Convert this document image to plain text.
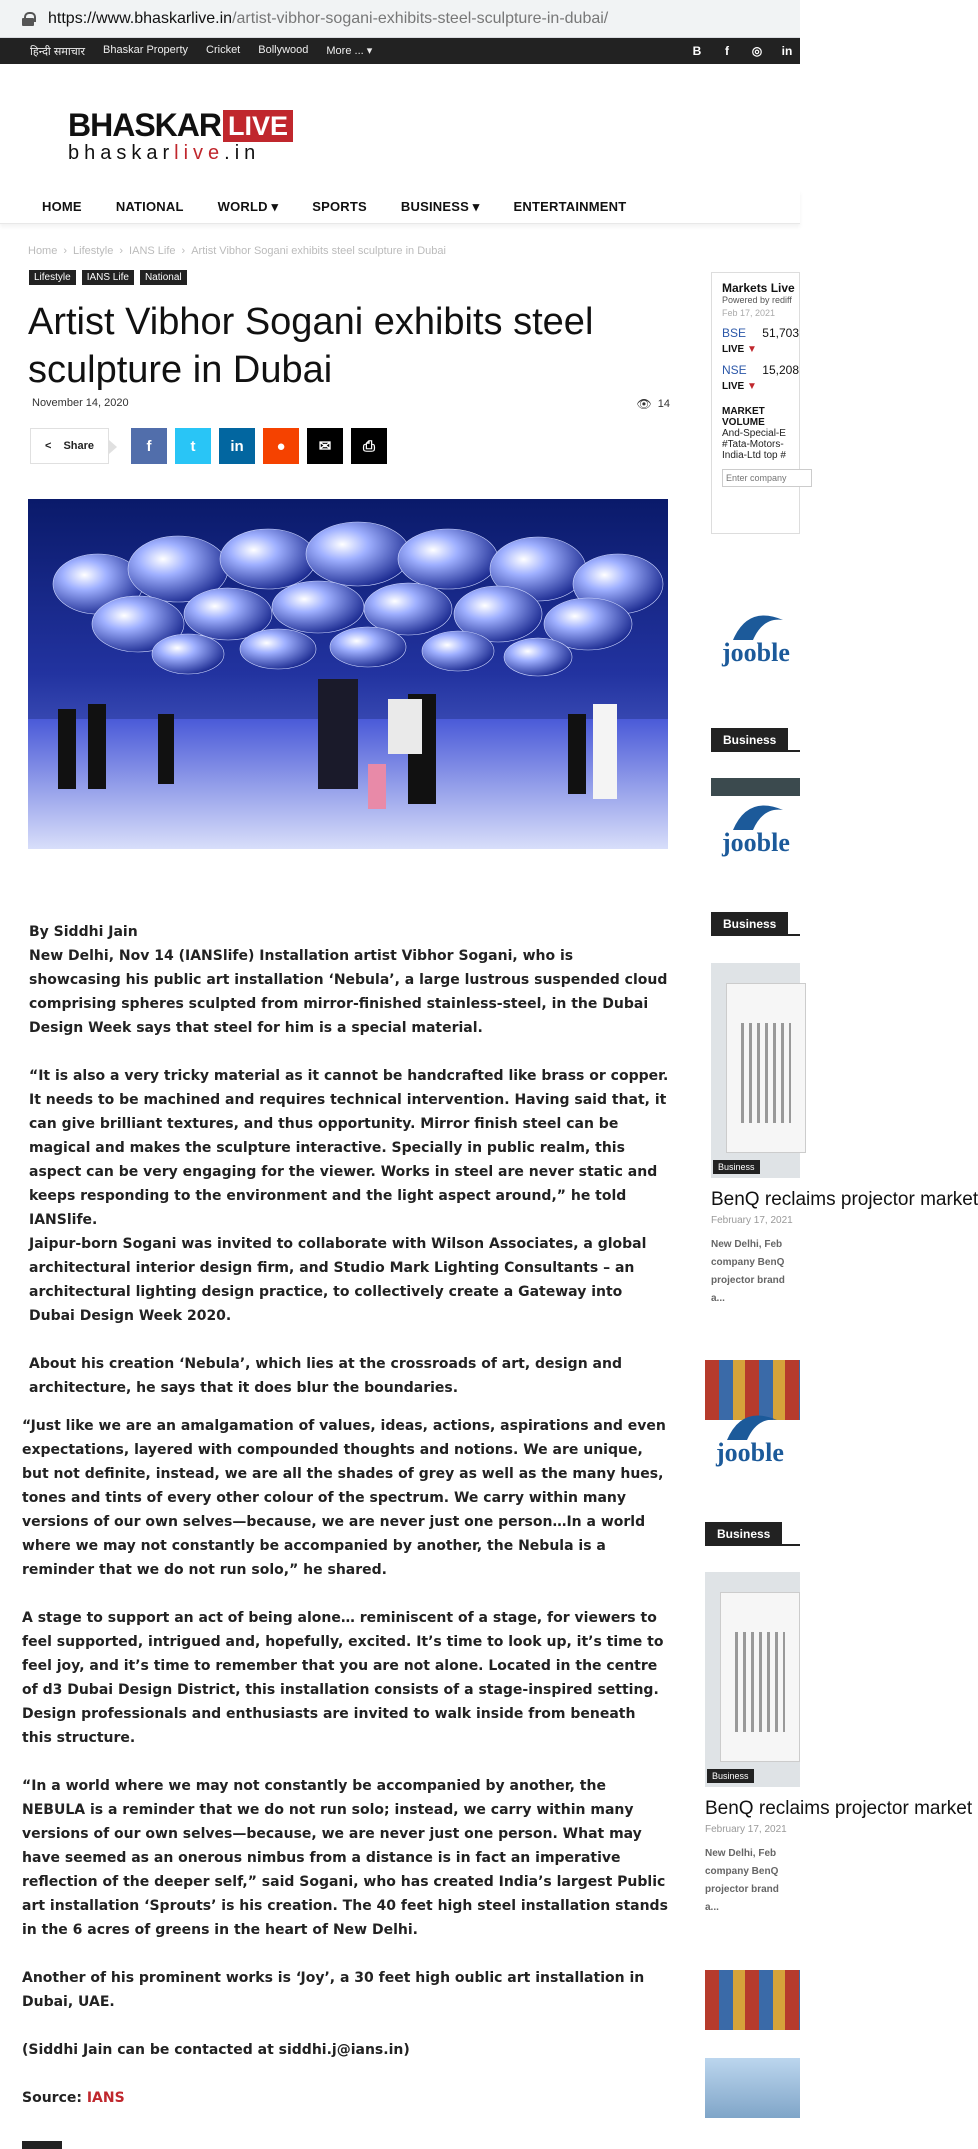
https://www.bhaskarlive.in/artist-vibhor-sogani-exhibits-steel-sculpture-in-dubai/
हिन्दी समाचार Bhaskar Property Cricket Bollywood More ... ▾	B	f	◎ in
BHASKAR LIVE
bhaskarlive.in
HOME	NATIONAL	WORLD ▾	SPORTS	BUSINESS ▾	ENTERTAINMENT
Home › Lifestyle › IANS Life › Artist Vibhor Sogani exhibits steel sculpture in Dubai
Lifestyle	IANS Life	National
Artist Vibhor Sogani exhibits steel sculpture in Dubai
November 14, 2020	👁 14
< Share	f	t	in	●	✉	⎙
By Siddhi Jain
New Delhi, Nov 14 (IANSlife) Installation artist Vibhor Sogani, who is showcasing his public art installation ‘Nebula’, a large lustrous suspended cloud comprising spheres sculpted from mirror-finished stainless-steel, in the Dubai Design Week says that steel for him is a special material.
“It is also a very tricky material as it cannot be handcrafted like brass or copper. It needs to be machined and requires technical intervention. Having said that, it can give brilliant textures, and thus opportunity. Mirror finish steel can be magical and makes the sculpture interactive. Specially in public realm, this aspect can be very engaging for the viewer. Works in steel are never static and keeps responding to the environment and the light aspect around,” he told IANSlife.
Jaipur-born Sogani was invited to collaborate with Wilson Associates, a global architectural interior design firm, and Studio Mark Lighting Consultants – an architectural lighting design practice, to collectively create a Gateway into Dubai Design Week 2020.
About his creation ‘Nebula’, which lies at the crossroads of art, design and architecture, he says that it does blur the boundaries.
“Just like we are an amalgamation of values, ideas, actions, aspirations and even expectations, layered with compounded thoughts and notions. We are unique, but not definite, instead, we are all the shades of grey as well as the many hues, tones and tints of every other colour of the spectrum. We carry within many versions of our own selves—because, we are never just one person…In a world where we may not constantly be accompanied by another, the Nebula is a reminder that we do not run solo,” he shared.
A stage to support an act of being alone… reminiscent of a stage, for viewers to feel supported, intrigued and, hopefully, excited. It’s time to look up, it’s time to feel joy, and it’s time to remember that you are not alone. Located in the centre of d3 Dubai Design District, this installation consists of a stage-inspired setting. Design professionals and enthusiasts are invited to walk inside from beneath this structure.
“In a world where we may not constantly be accompanied by another, the NEBULA is a reminder that we do not run solo; instead, we carry within many versions of our own selves—because, we are never just one person. What may have seemed as an onerous nimbus from a distance is in fact an imperative reflection of the deeper self,” said Sogani, who has created India’s largest Public art installation ‘Sprouts’ is his creation. The 40 feet high steel installation stands in the 6 acres of greens in the heart of New Delhi.
Another of his prominent works is ‘Joy’, a 30 feet high oublic art installation in Dubai, UAE.
(Siddhi Jain can be contacted at siddhi.j@ians.in)
Source: IANS
Markets Live
Powered by rediff
Feb 17, 2021
BSE 51,703
LIVE ▼
NSE 15,208
LIVE ▼
MARKET VOLUME
And-Special-E
#Tata-Motors-
India-Ltd top #
Enter company
jooble
Business
jooble
Business
Business
BenQ reclaims projector market
February 17, 2021
New Delhi, Feb
company BenQ
projector brand
a...
jooble
Business
Business
BenQ reclaims projector market
February 17, 2021
New Delhi, Feb
company BenQ
projector brand
a...
